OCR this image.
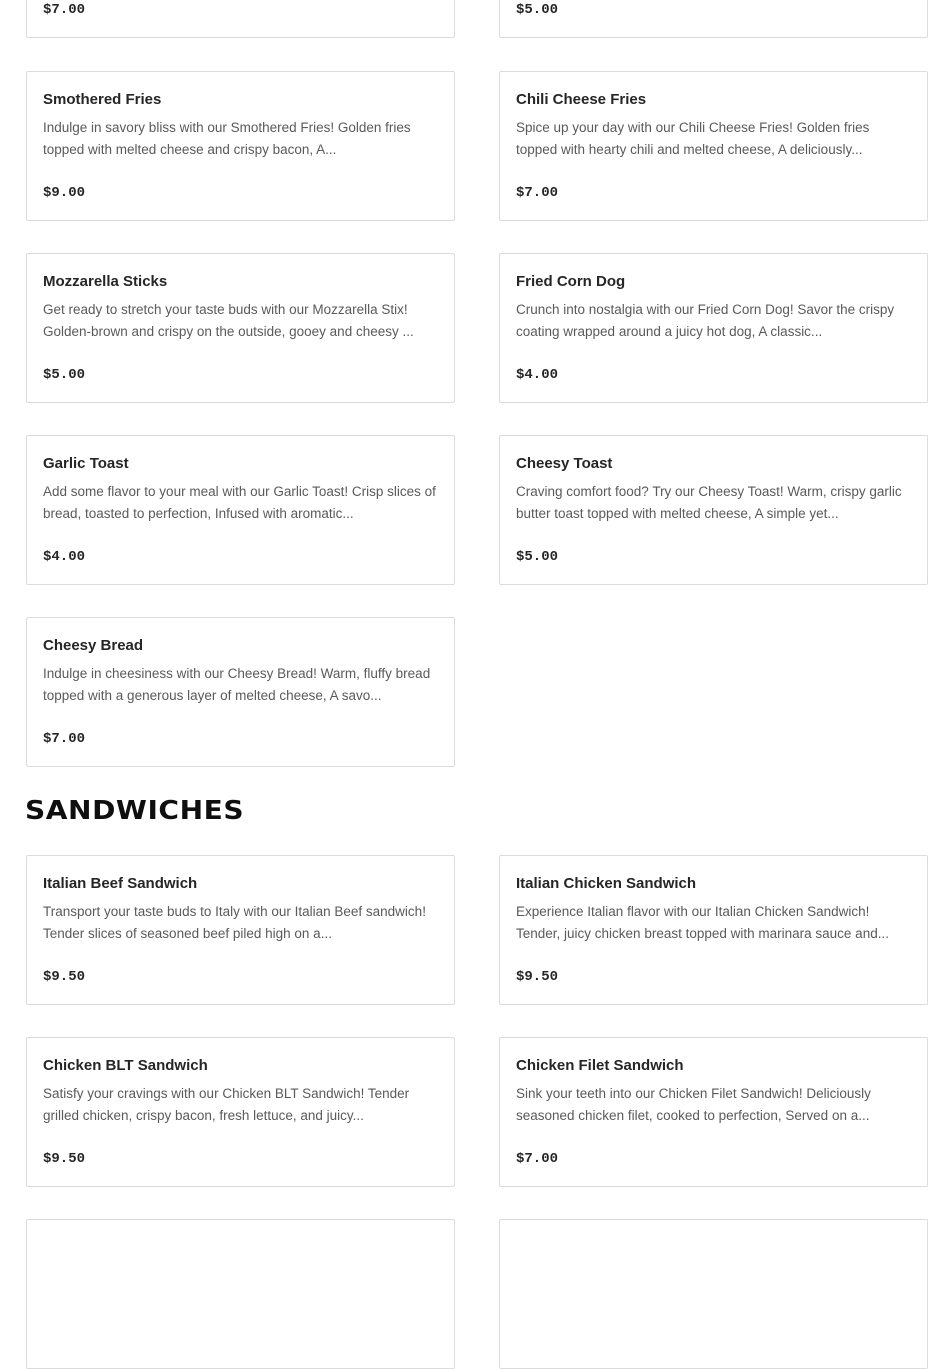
$7.00	$5.00
Smothered Fries
Indulge in savory bliss with our Smothered Fries! Golden fries topped with melted cheese and crispy bacon, A...
$9.00
Chili Cheese Fries
Spice up your day with our Chili Cheese Fries! Golden fries topped with hearty chili and melted cheese, A deliciously...
$7.00
Mozzarella Sticks
Get ready to stretch your taste buds with our Mozzarella Stix! Golden-brown and crispy on the outside, gooey and cheesy ...
$5.00
Fried Corn Dog
Crunch into nostalgia with our Fried Corn Dog! Savor the crispy coating wrapped around a juicy hot dog, A classic...
$4.00
Garlic Toast
Add some flavor to your meal with our Garlic Toast! Crisp slices of bread, toasted to perfection, Infused with aromatic...
$4.00
Cheesy Toast
Craving comfort food? Try our Cheesy Toast! Warm, crispy garlic butter toast topped with melted cheese, A simple yet...
$5.00
Cheesy Bread
Indulge in cheesiness with our Cheesy Bread! Warm, fluffy bread topped with a generous layer of melted cheese, A savo...
$7.00
SANDWICHES
Italian Beef Sandwich
Transport your taste buds to Italy with our Italian Beef sandwich! Tender slices of seasoned beef piled high on a...
$9.50
Italian Chicken Sandwich
Experience Italian flavor with our Italian Chicken Sandwich! Tender, juicy chicken breast topped with marinara sauce and...
$9.50
Chicken BLT Sandwich
Satisfy your cravings with our Chicken BLT Sandwich! Tender grilled chicken, crispy bacon, fresh lettuce, and juicy...
$9.50
Chicken Filet Sandwich
Sink your teeth into our Chicken Filet Sandwich! Deliciously seasoned chicken filet, cooked to perfection, Served on a...
$7.00
